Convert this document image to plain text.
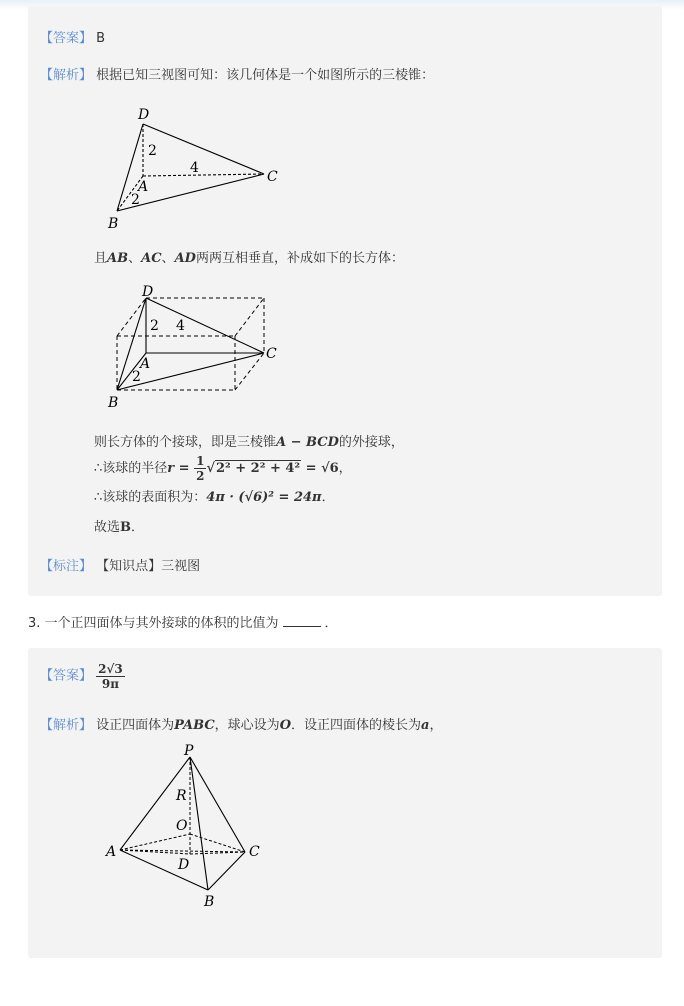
【答案】 B
【解析】 根据已知三视图可知：该几何体是一个如图所示的三棱锥：
D
2
4
A
2
C
B
且AB、AC、AD两两互相垂直，补成如下的长方体：
D
2 4
A
2
C
B
则长方体的个接球，即是三棱锥A − BCD的外接球，
∴该球的半径$r = \frac{1}{2} √2^2 + 2^2 + 4^2 = √6$，
∴该球的表面积为：4π · (√6)² = 24π．
故选B．
【标注】 【知识点】三视图
3. 一个正四面体与其外接球的体积的比值为	．
【答案】 $\frac{2√3}{9\pi}$
【解析】 设正四面体为PABC，球心设为O．设正四面体的棱长为a，
P
R
O
A
D
C
B
